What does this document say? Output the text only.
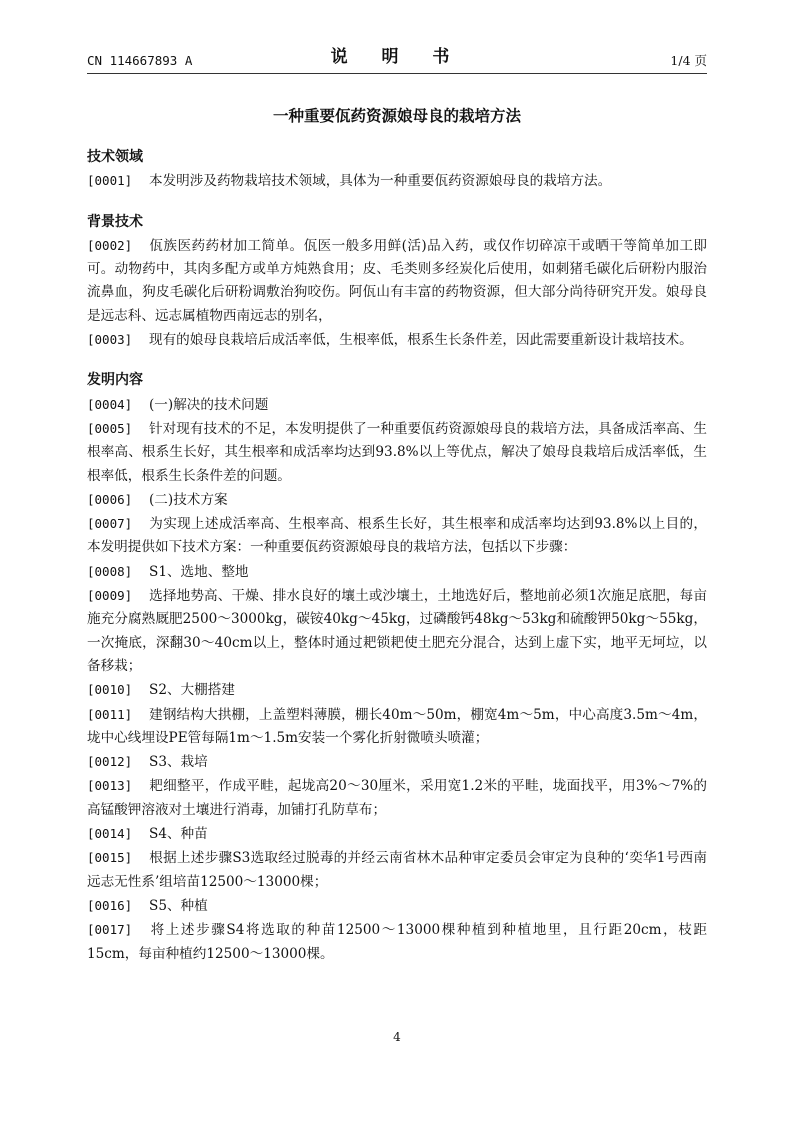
CN 114667893 A	说 明 书	1/4 页
一种重要佤药资源娘母良的栽培方法
技术领域
[0001] 本发明涉及药物栽培技术领域，具体为一种重要佤药资源娘母良的栽培方法。
背景技术
[0002] 佤族医药药材加工简单。佤医一般多用鲜(活)品入药，或仅作切碎凉干或晒干等简单加工即可。动物药中，其肉多配方或单方炖熟食用；皮、毛类则多经炭化后使用，如刺猪毛碳化后研粉内服治流鼻血，狗皮毛碳化后研粉调敷治狗咬伤。阿佤山有丰富的药物资源，但大部分尚待研究开发。娘母良是远志科、远志属植物西南远志的别名，
[0003] 现有的娘母良栽培后成活率低，生根率低，根系生长条件差，因此需要重新设计栽培技术。
发明内容
[0004] (一)解决的技术问题
[0005] 针对现有技术的不足，本发明提供了一种重要佤药资源娘母良的栽培方法，具备成活率高、生根率高、根系生长好，其生根率和成活率均达到93.8%以上等优点，解决了娘母良栽培后成活率低，生根率低，根系生长条件差的问题。
[0006] (二)技术方案
[0007] 为实现上述成活率高、生根率高、根系生长好，其生根率和成活率均达到93.8%以上目的，本发明提供如下技术方案：一种重要佤药资源娘母良的栽培方法，包括以下步骤：
[0008] S1、选地、整地
[0009] 选择地势高、干燥、排水良好的壤土或沙壤土，土地选好后，整地前必须1次施足底肥，每亩施充分腐熟厩肥2500～3000kg，碳铵40kg～45kg，过磷酸钙48kg～53kg和硫酸钾50kg～55kg，一次掩底，深翻30～40cm以上，整体时通过耙锁耙使土肥充分混合，达到上虚下实，地平无坷垃，以备移栽；
[0010] S2、大棚搭建
[0011] 建钢结构大拱棚，上盖塑料薄膜，棚长40m～50m，棚宽4m～5m，中心高度3.5m～4m，垅中心线埋设PE管每隔1m～1.5m安装一个雾化折射微喷头喷灌；
[0012] S3、栽培
[0013] 耙细整平，作成平畦，起垅高20～30厘米，采用宽1.2米的平畦，垅面找平，用3%～7%的高锰酸钾溶液对土壤进行消毒，加铺打孔防草布；
[0014] S4、种苗
[0015] 根据上述步骤S3选取经过脱毒的并经云南省林木品种审定委员会审定为良种的‘奕华1号西南远志无性系’组培苗12500～13000棵；
[0016] S5、种植
[0017] 将上述步骤S4将选取的种苗12500～13000棵种植到种植地里，且行距20cm，枝距15cm，每亩种植约12500～13000棵。
4
